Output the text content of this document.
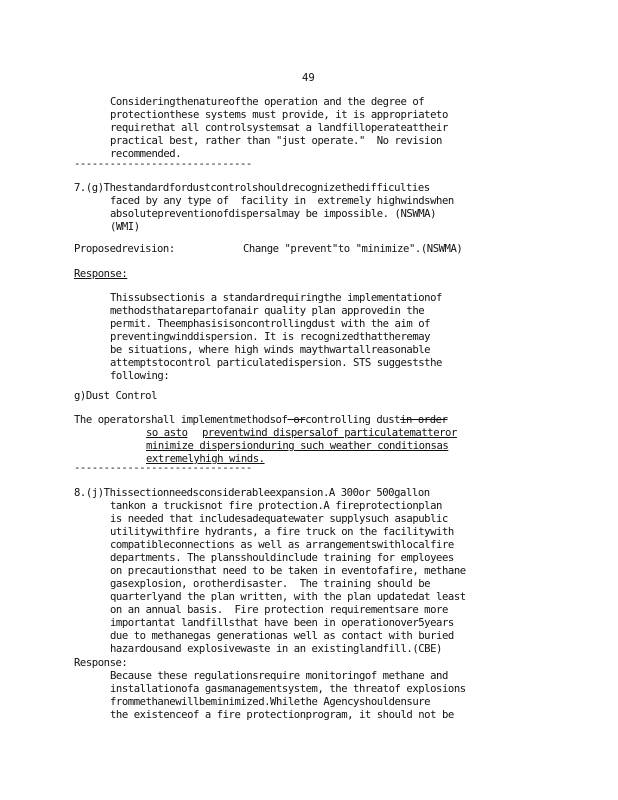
49
Consideringthenatureofthe operation and the degree of
protectionthese systems must provide, it is appropriateto
requirethat all controlsystemsat a landfilloperateattheir
practical best, rather than "just operate."  No revision
recommended.
------------------------------
7.(g)Thestandardfordustcontrolshouldrecognizethedifficulties
faced by any type of  facility in  extremely highwindswhen
absolutepreventionofdispersalmay be impossible. (NSWMA)
(WMI)
Proposedrevision:	Change "prevent"to "minimize".(NSWMA)
Response:
Thissubsectionis a standardrequiringthe implementationof
methodsthatarepartofanair quality plan approvedin the
permit. Theemphasisisoncontrollingdust with the aim of
preventingwinddispersion. It is recognizedthattheremay
be situations, where high winds maythwartallreasonable
attemptstocontrol particulatedispersion. STS suggeststhe
following:
g)Dust Control
The operatorshall implementmethodsof orcontrolling dustin order
so asto preventwind dispersalof particulatematteror
minimize dispersionduring such weather conditionsas
extremelyhigh winds.
------------------------------
8.(j)Thissectionneedsconsiderableexpansion.A 300or 500gallon
tankon a truckisnot fire protection.A fireprotectionplan
is needed that includesadequatewater supplysuch asapublic
utilitywithfire hydrants, a fire truck on the facilitywith
compatibleconnections as well as arrangementswithlocalfire
departments. The plansshouldinclude training for employees
on precautionsthat need to be taken in eventofafire, methane
gasexplosion, orotherdisaster.  The training should be
quarterlyand the plan written, with the plan updatedat least
on an annual basis.  Fire protection requirementsare more
importantat landfillsthat have been in operationover5years
due to methanegas generationas well as contact with buried
hazardousand explosivewaste in an existinglandfill.(CBE)
Response:
Because these regulationsrequire monitoringof methane and
installationofa gasmanagementsystem, the threatof explosions
frommethanewillbeminimized.Whilethe Agencyshouldensure
the existenceof a fire protectionprogram, it should not be
